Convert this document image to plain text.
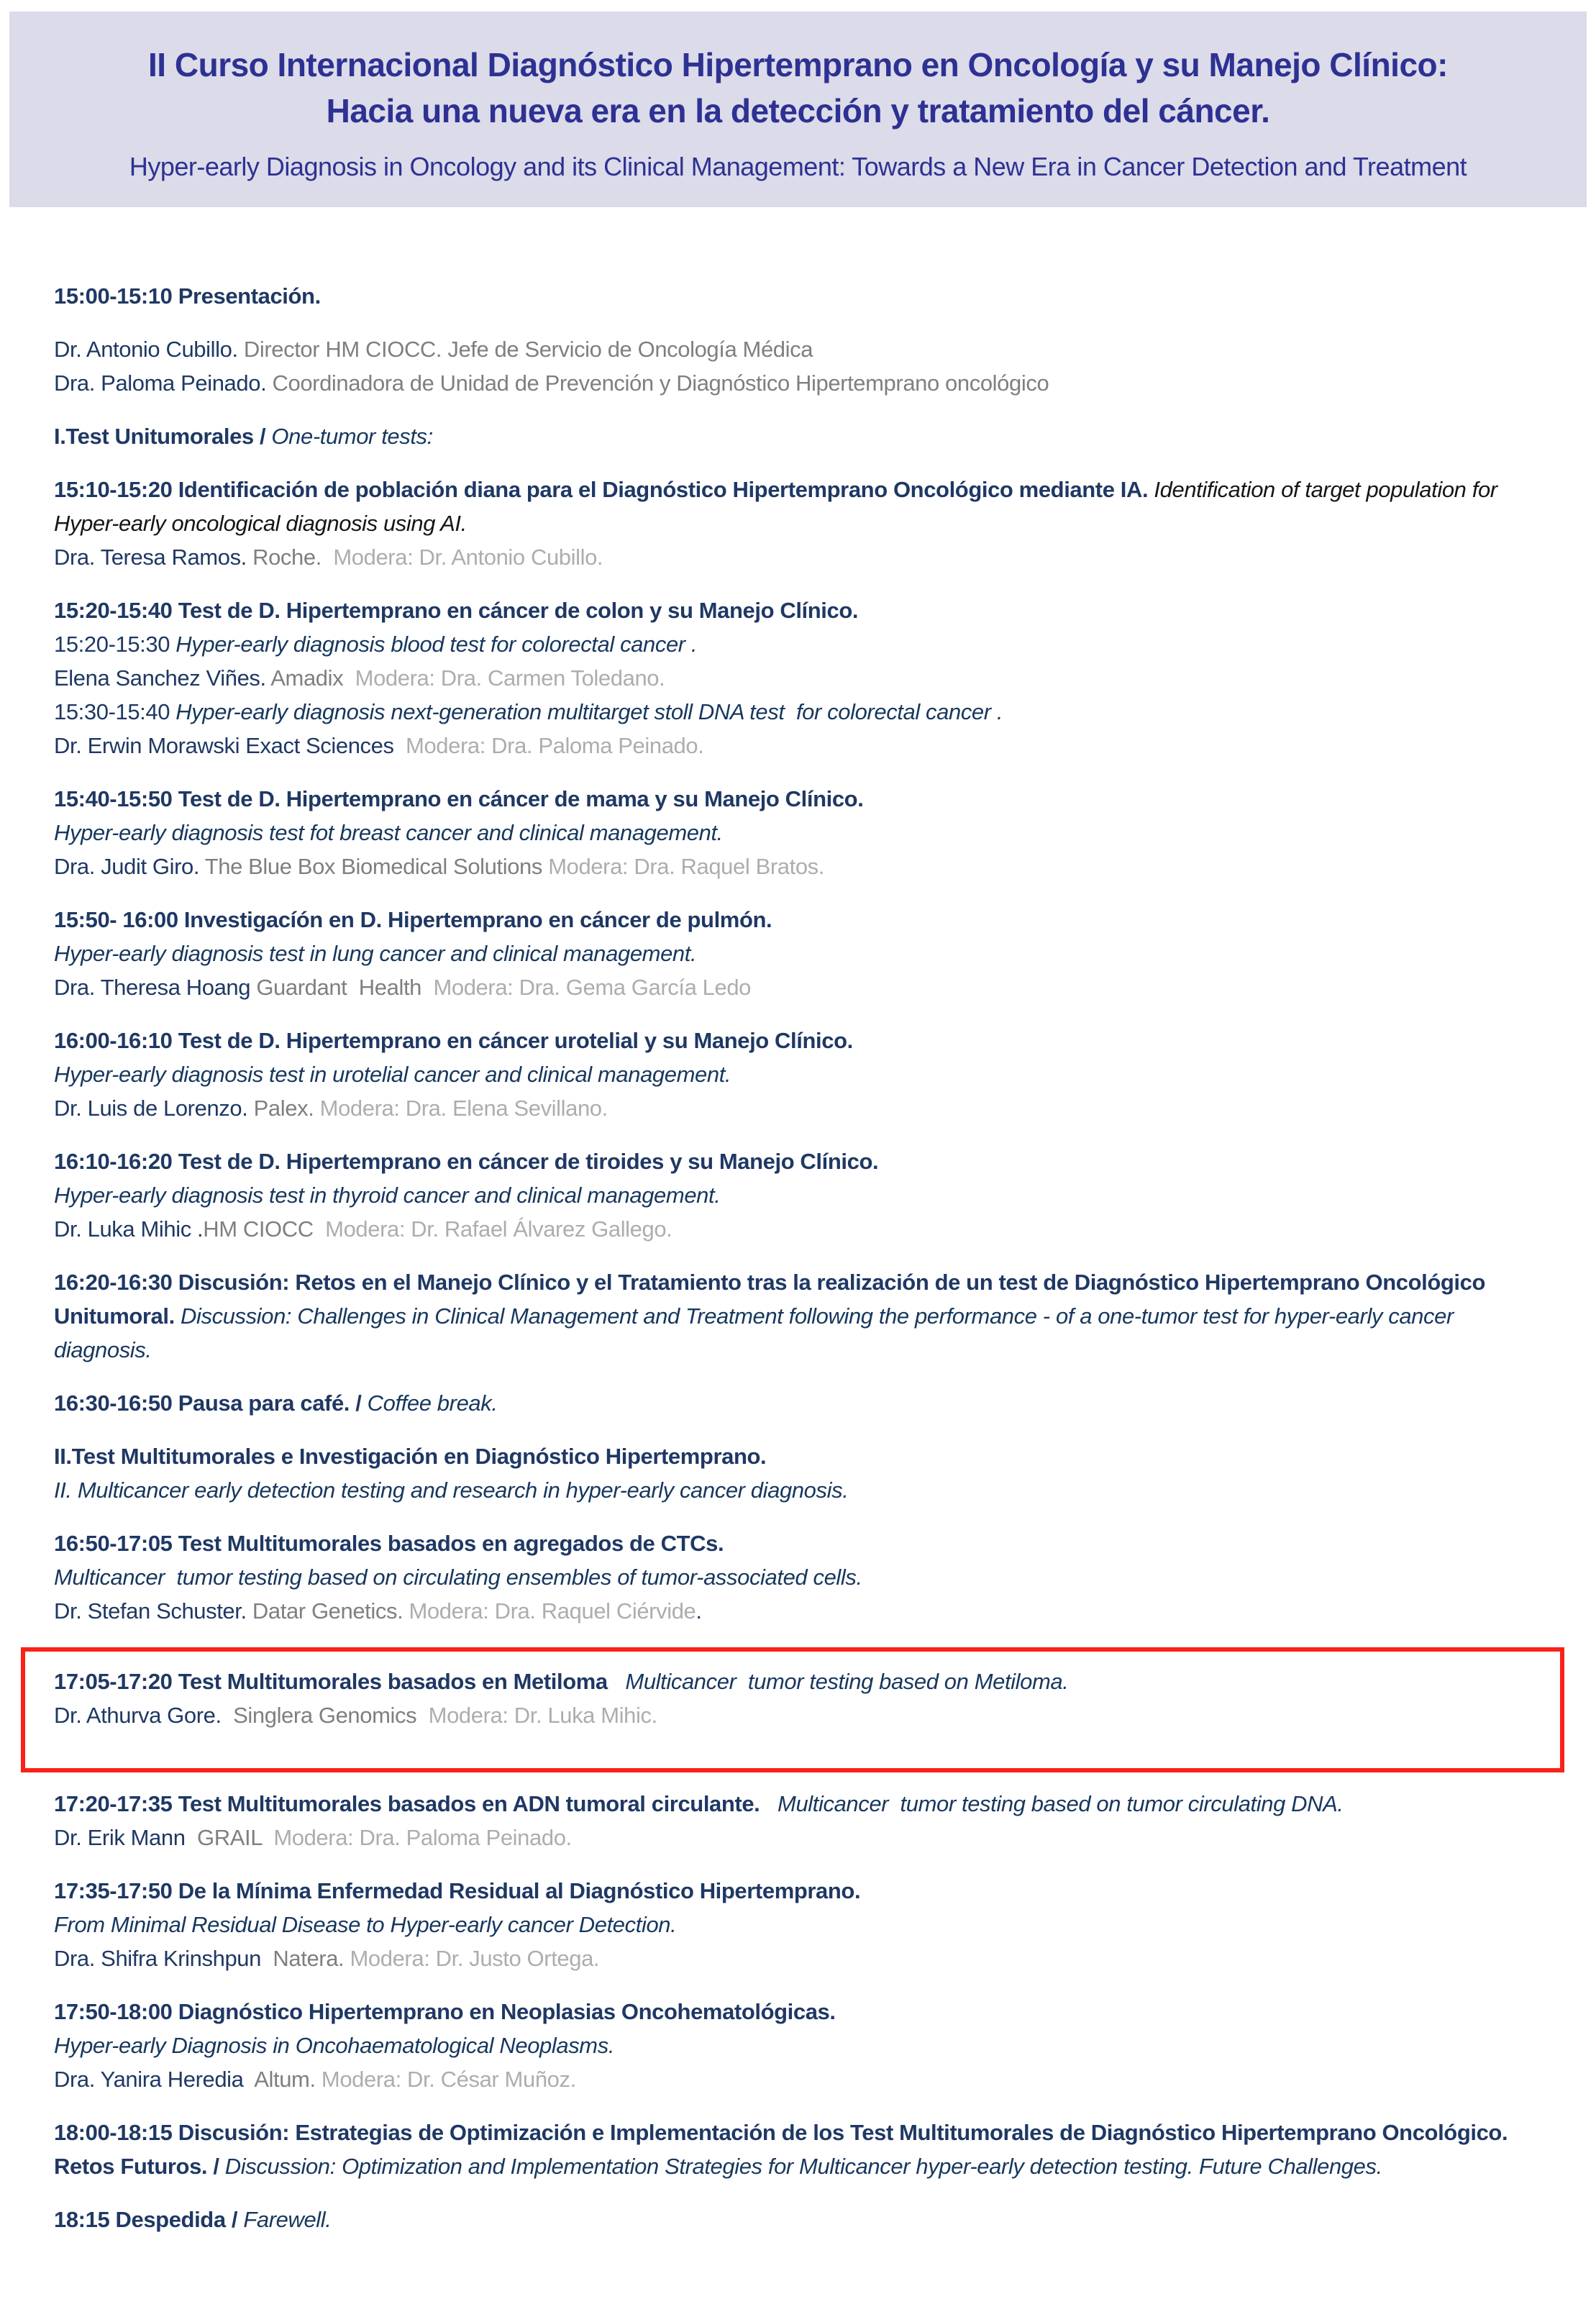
II Curso Internacional Diagnóstico Hipertemprano en Oncología y su Manejo Clínico:
Hacia una nueva era en la detección y tratamiento del cáncer.
Hyper-early Diagnosis in Oncology and its Clinical Management: Towards a New Era in Cancer Detection and Treatment

15:00-15:10 Presentación.

Dr. Antonio Cubillo. Director HM CIOCC. Jefe de Servicio de Oncología Médica

Dra. Paloma Peinado. Coordinadora de Unidad de Prevención y Diagnóstico Hipertemprano oncológico

I.Test Unitumorales / One-tumor tests:

15:10-15:20 Identificación de población diana para el Diagnóstico Hipertemprano Oncológico mediante IA. Identification of target population for Hyper-early oncological diagnosis using AI.

Dra. Teresa Ramos. Roche.  Modera: Dr. Antonio Cubillo.

15:20-15:40 Test de D. Hipertemprano en cáncer de colon y su Manejo Clínico.

15:20-15:30 Hyper-early diagnosis blood test for colorectal cancer .

Elena Sanchez Viñes. Amadix  Modera: Dra. Carmen Toledano.

15:30-15:40 Hyper-early diagnosis next-generation multitarget stoll DNA test  for colorectal cancer .

Dr. Erwin Morawski Exact Sciences  Modera: Dra. Paloma Peinado.

15:40-15:50 Test de D. Hipertemprano en cáncer de mama y su Manejo Clínico.

Hyper-early diagnosis test fot breast cancer and clinical management.

Dra. Judit Giro. The Blue Box Biomedical Solutions Modera: Dra. Raquel Bratos.

15:50- 16:00 Investigacíón en D. Hipertemprano en cáncer de pulmón.

Hyper-early diagnosis test in lung cancer and clinical management.

Dra. Theresa Hoang Guardant  Health  Modera: Dra. Gema García Ledo

16:00-16:10 Test de D. Hipertemprano en cáncer urotelial y su Manejo Clínico.

Hyper-early diagnosis test in urotelial cancer and clinical management.

Dr. Luis de Lorenzo. Palex. Modera: Dra. Elena Sevillano.

16:10-16:20 Test de D. Hipertemprano en cáncer de tiroides y su Manejo Clínico.

Hyper-early diagnosis test in thyroid cancer and clinical management.

Dr. Luka Mihic .HM CIOCC  Modera: Dr. Rafael Álvarez Gallego.

16:20-16:30 Discusión: Retos en el Manejo Clínico y el Tratamiento tras la realización de un test de Diagnóstico Hipertemprano Oncológico Unitumoral. Discussion: Challenges in Clinical Management and Treatment following the performance - of a one-tumor test for hyper-early cancer diagnosis.

16:30-16:50 Pausa para café. / Coffee break.

II.Test Multitumorales e Investigación en Diagnóstico Hipertemprano.

II. Multicancer early detection testing and research in hyper-early cancer diagnosis.

16:50-17:05 Test Multitumorales basados en agregados de CTCs.

Multicancer  tumor testing based on circulating ensembles of tumor-associated cells.

Dr. Stefan Schuster. Datar Genetics. Modera: Dra. Raquel Ciérvide.

17:05-17:20 Test Multitumorales basados en Metiloma   Multicancer  tumor testing based on Metiloma.

Dr. Athurva Gore.  Singlera Genomics  Modera: Dr. Luka Mihic.

17:20-17:35 Test Multitumorales basados en ADN tumoral circulante.   Multicancer  tumor testing based on tumor circulating DNA.

Dr. Erik Mann  GRAIL  Modera: Dra. Paloma Peinado.

17:35-17:50 De la Mínima Enfermedad Residual al Diagnóstico Hipertemprano.

From Minimal Residual Disease to Hyper-early cancer Detection.

Dra. Shifra Krinshpun  Natera. Modera: Dr. Justo Ortega.

17:50-18:00 Diagnóstico Hipertemprano en Neoplasias Oncohematológicas.

Hyper-early Diagnosis in Oncohaematological Neoplasms.

Dra. Yanira Heredia  Altum. Modera: Dr. César Muñoz.

18:00-18:15 Discusión: Estrategias de Optimización e Implementación de los Test Multitumorales de Diagnóstico Hipertemprano Oncológico. Retos Futuros. / Discussion: Optimization and Implementation Strategies for Multicancer hyper-early detection testing. Future Challenges.

18:15 Despedida / Farewell.
